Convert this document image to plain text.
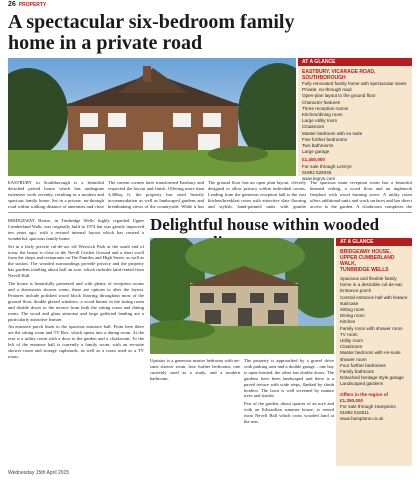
26 PROPERTY
A spectacular six-bedroom family home in a private road
AT A GLANCE
EASTBURY, VICARAGE ROAD,
SOUTHBOROUGH
Fully renovated family home with spectacular views
Private, no-through road
Open-plan layout to the ground floor
Character features
Three reception rooms
Kitchen/dining room
Large utility room
Cloakroom
Master bedroom with en suite
Five further bedrooms
Two bathrooms
Large garage
£1,450,000
For sale through LeGrys
01892 529345
www.legrys.com

EASTBURY in Southborough is a beautiful detached period house which has undergone extensive work recently, resulting in a modern and spacious family home. Set in a private, no-through road within walking distance of amenities and close

The current owners have transformed Eastbury and respected the layout and finish. Offering more than 3,400sq ft, the property has sited heavily accommodation as well as landscaped gardens and breathtaking views of the countryside. While it has

The ground floor has an open plan layout, cleverly designed to allow privacy within individual rooms. Leading from the generous reception hall is the vast kitchen/breakfast room with attractive slate flooring and stylish, hand-painted units with granite

The spacious main reception room has a beautiful beamed ceiling, a wood floor and an inglenook fireplace with wood burning stove. A utility room offers additional units and work surfaces and has direct access to the garden. A cloakroom completes the

BRIDGEWAY House, in Tunbridge Wells' highly regarded Upper Cumberland Walk, was originally built in 1974 but was greatly improved ten years ago, with a revised internal layout which has created a wonderful, spacious family home.

Set in a leafy private cul-de-sac off Warwick Park at the south end of town, the house is close to the Nevill Cricket Ground and a short stroll from the shops and restaurants on The Pantiles and High Street, as well as the station. The wooded surroundings provide privacy and the property has gardens totalling about half an acre, which includes land rented from Nevell Hall.

The house is beautifully presented and with plenty of reception rooms and a downstairs shower room, there are options to alter the layout. Features include polished wood block flooring throughout most of the ground floor, double glazed windows, a wood burner in the sitting room and double doors to the terrace from both the sitting room and dining room. The wood and glass staircase and large galleried landing are a particularly attractive feature.

An entrance porch leads to the spacious entrance hall. From here there are the sitting room and TV Box, which opens into a dining room. At the rear is a utility room with a door to the garden and a cloakroom. To the left of the entrance hall is currently a family room, with an en-suite shower room and storage cupboards, as well as a room used as a TV room.

Delightful house within wooded
AT A GLANCE
BRIDGEWAY HOUSE,
UPPER CUMBERLAND WALK,
TUNBRIDGE WELLS
Spacious and flexible family home in a desirable cul-de-sac
Entrance porch
Central entrance hall with feature staircase
Sitting room
Dining room
Kitchen
Family room with shower room
TV room
Utility room
Cloakroom
Master bedroom with en-suite shower room
Four further bedrooms
Family bathroom
Detached heritage style garage
Landscaped gardens
Offers in the region of £1,350,000
For sale through Hamptons
01892 516611
www.hamptons.co.uk

Upstairs is a generous master bedroom with en-suite shower room, four further bedrooms, one currently used as a study, and a modern bathroom.

The property is approached by a gravel drive with parking area and a double garage – one bay is open-fronted, the other has double doors. The gardens have been landscaped and there is a paved terrace with wide steps, flanked by shrub borders. The lawn is well screened by mature trees and shrubs.

Part of the garden, about quarter of an acre and with an Edwardian summer house, is rented from Nevell Hall which owns wooded land at the rear.

Wednesday 15th April 2015
